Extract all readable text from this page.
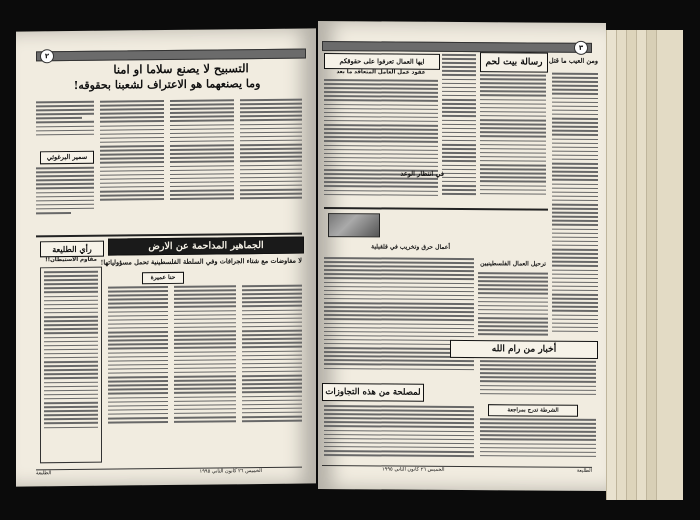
٢
التسبيح لا يصنع سلاما او امنا
وما يصنعهما هو الاعتراف لشعبنا بحقوقه!
سمير البرغوثي
رأي الطليعة
مقاوم الاستيطان!!
الجماهير المداحمة عن الارض
لا مفاوضات مع شتاء الجرافات وفي السلطة الفلسطينية تحمل مسؤولياتها!
حنا عميرة
الطليعة	الخميس ٢٦ كانون الثاني ١٩٩٥
٣
ايها العمال تعرفوا على حقوقكم
عقود عمل العامل المتعاقد ما بعد
رسالة بيت لحم ومن العيب ما قتل
في انتظار الوعد
أعمال حرق وتخريب في قلقيلية
ترحيل العمال الفلسطينيين
أخبار من رام الله
الشرطة تدرج بمراجعة
لمصلحة من هذه التجاوزات
الخميس ٢٦ كانون الثاني ١٩٩٥	الطليعة
